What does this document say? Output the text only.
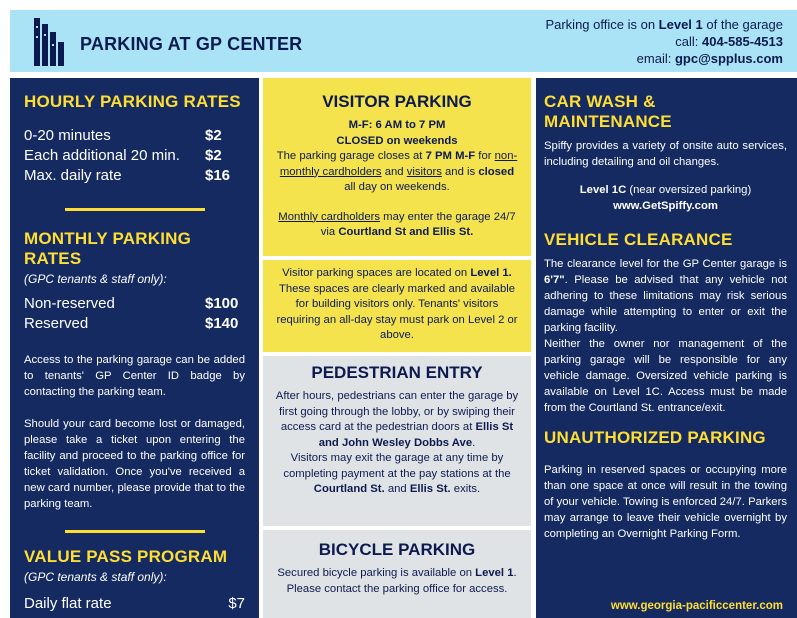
PARKING AT GP CENTER
Parking office is on Level 1 of the garage
call: 404-585-4513
email: gpc@spplus.com
HOURLY PARKING RATES
0-20 minutes	$2
Each additional 20 min. $2
Max. daily rate	$16
MONTHLY PARKING RATES
(GPC tenants & staff only):
Non-reserved	$100
Reserved	$140
Access to the parking garage can be added to tenants' GP Center ID badge by contacting the parking team.
Should your card become lost or damaged, please take a ticket upon entering the facility and proceed to the parking office for ticket validation. Once you've received a new card number, please provide that to the parking team.
VALUE PASS PROGRAM
(GPC tenants & staff only):
Daily flat rate	$7
VISITOR PARKING
M-F: 6 AM to 7 PM
CLOSED on weekends
The parking garage closes at 7 PM M-F for non-monthly cardholders and visitors and is closed all day on weekends.
Monthly cardholders may enter the garage 24/7 via Courtland St and Ellis St.
Visitor parking spaces are located on Level 1. These spaces are clearly marked and available for building visitors only. Tenants' visitors requiring an all-day stay must park on Level 2 or above.
PEDESTRIAN ENTRY
After hours, pedestrians can enter the garage by first going through the lobby, or by swiping their access card at the pedestrian doors at Ellis St and John Wesley Dobbs Ave.
Visitors may exit the garage at any time by completing payment at the pay stations at the Courtland St. and Ellis St. exits.
BICYCLE PARKING
Secured bicycle parking is available on Level 1. Please contact the parking office for access.
CAR WASH & MAINTENANCE
Spiffy provides a variety of onsite auto services, including detailing and oil changes.
Level 1C (near oversized parking)
www.GetSpiffy.com
VEHICLE CLEARANCE
The clearance level for the GP Center garage is 6'7". Please be advised that any vehicle not adhering to these limitations may risk serious damage while attempting to enter or exit the parking facility.
Neither the owner nor management of the parking garage will be responsible for any vehicle damage. Oversized vehicle parking is available on Level 1C. Access must be made from the Courtland St. entrance/exit.
UNAUTHORIZED PARKING
Parking in reserved spaces or occupying more than one space at once will result in the towing of your vehicle. Towing is enforced 24/7. Parkers may arrange to leave their vehicle overnight by completing an Overnight Parking Form.
www.georgia-pacificcenter.com
